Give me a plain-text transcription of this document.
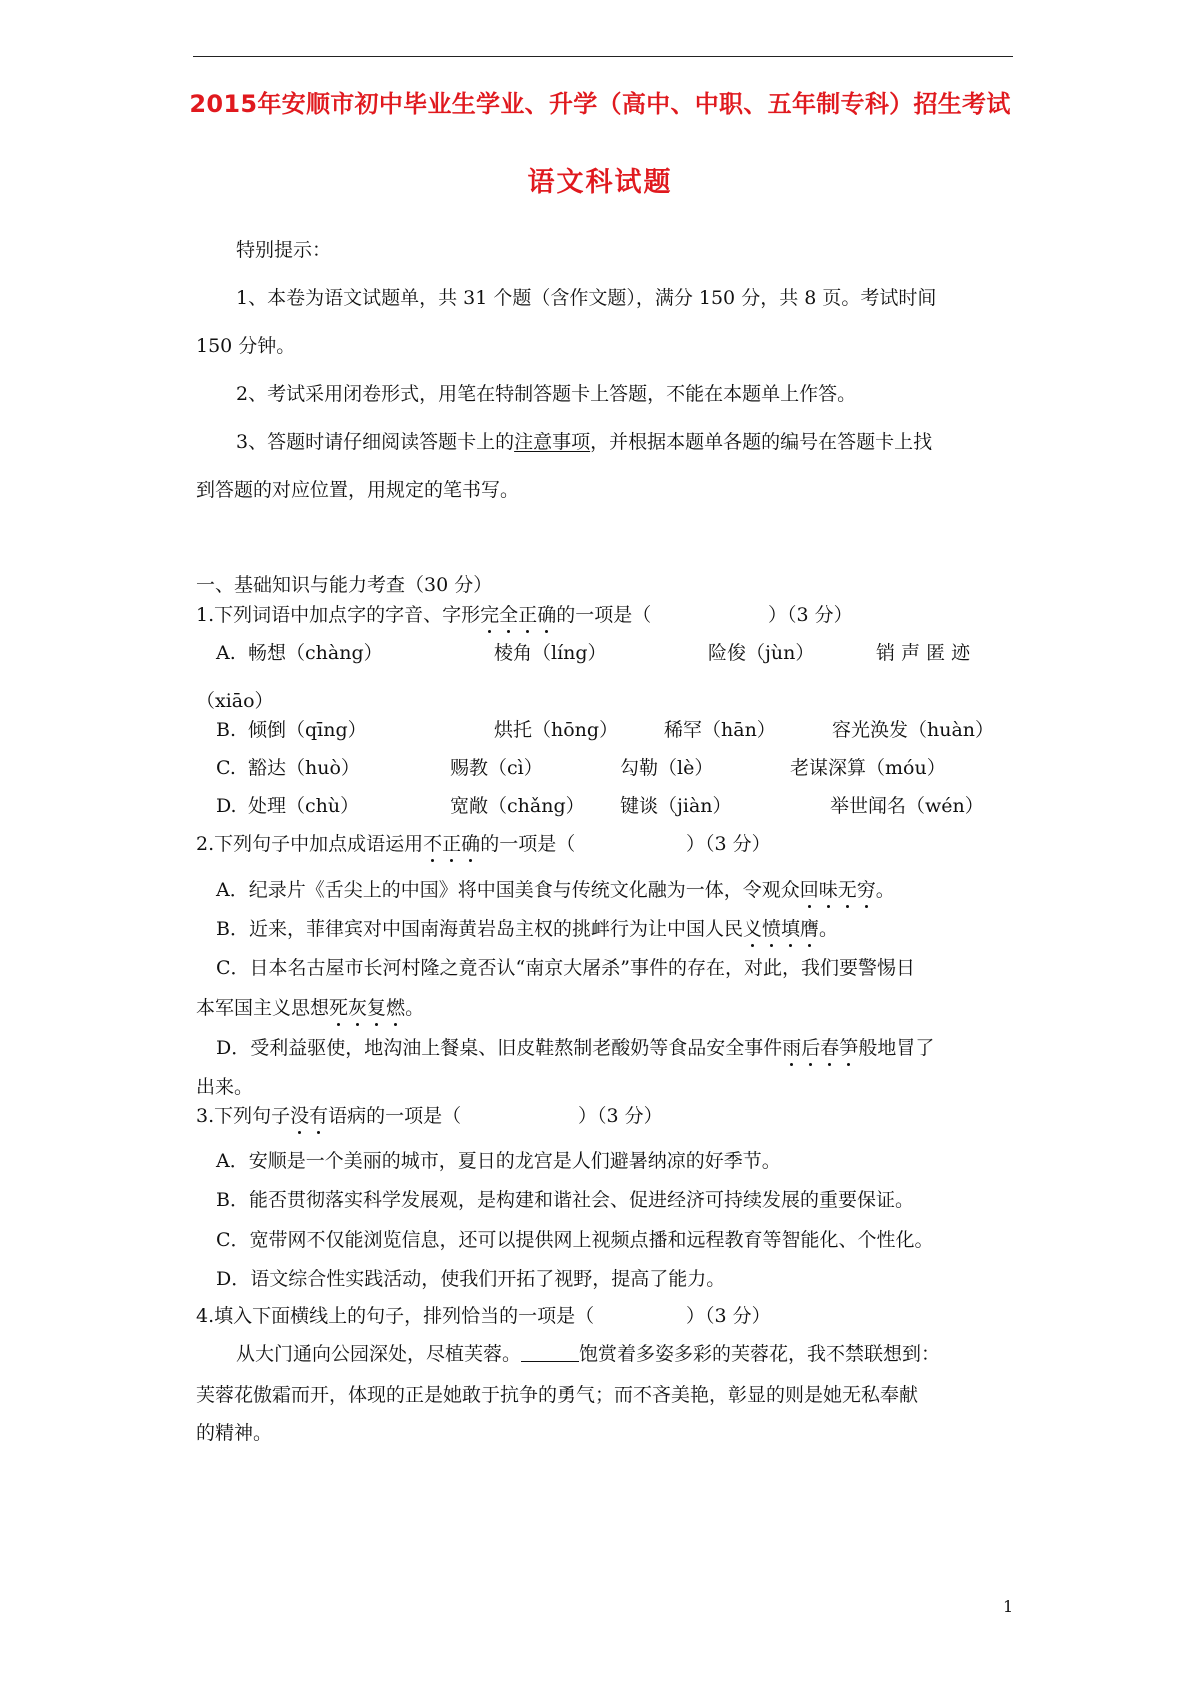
2015年安顺市初中毕业生学业、升学（高中、中职、五年制专科）招生考试
语文科试题
特别提示：
1、本卷为语文试题单，共 31 个题（含作文题），满分 150 分，共 8 页。考试时间
150 分钟。
2、考试采用闭卷形式，用笔在特制答题卡上答题，不能在本题单上作答。
3、答题时请仔细阅读答题卡上的注意事项，并根据本题单各题的编号在答题卡上找
到答题的对应位置，用规定的笔书写。
一、基础知识与能力考查（30 分）
1.下列词语中加点字的字音、字形完全正确的一项是（	）（3 分）
A. 畅想（chàng）	棱角（líng）	险俊（jùn）	销 声 匿 迹
（xiāo）
B. 倾倒（qīng）	烘托（hōng） 稀罕（hān）	容光涣发（huàn）
C. 豁达（huò）	赐教（cì）	勾勒（lè）	老谋深算（móu）
D. 处理（chù）	宽敞（chǎng） 键谈（jiàn）	举世闻名（wén）
2.下列句子中加点成语运用不正确的一项是（	）（3 分）
A．纪录片《舌尖上的中国》将中国美食与传统文化融为一体，令观众回味无穷。
B．近来，菲律宾对中国南海黄岩岛主权的挑衅行为让中国人民义愤填膺。
C．日本名古屋市长河村隆之竟否认“南京大屠杀”事件的存在，对此，我们要警惕日
本军国主义思想死灰复燃。
D．受利益驱使，地沟油上餐桌、旧皮鞋熬制老酸奶等食品安全事件雨后春笋般地冒了
出来。
3.下列句子没有语病的一项是（	）（3 分）
A．安顺是一个美丽的城市，夏日的龙宫是人们避暑纳凉的好季节。
B．能否贯彻落实科学发展观，是构建和谐社会、促进经济可持续发展的重要保证。
C．宽带网不仅能浏览信息，还可以提供网上视频点播和远程教育等智能化、个性化。
D．语文综合性实践活动，使我们开拓了视野，提高了能力。
4.填入下面横线上的句子，排列恰当的一项是（	）（3 分）
从大门通向公园深处，尽植芙蓉。	饱赏着多姿多彩的芙蓉花，我不禁联想到：
芙蓉花傲霜而开，体现的正是她敢于抗争的勇气；而不吝美艳，彰显的则是她无私奉献
的精神。
1
